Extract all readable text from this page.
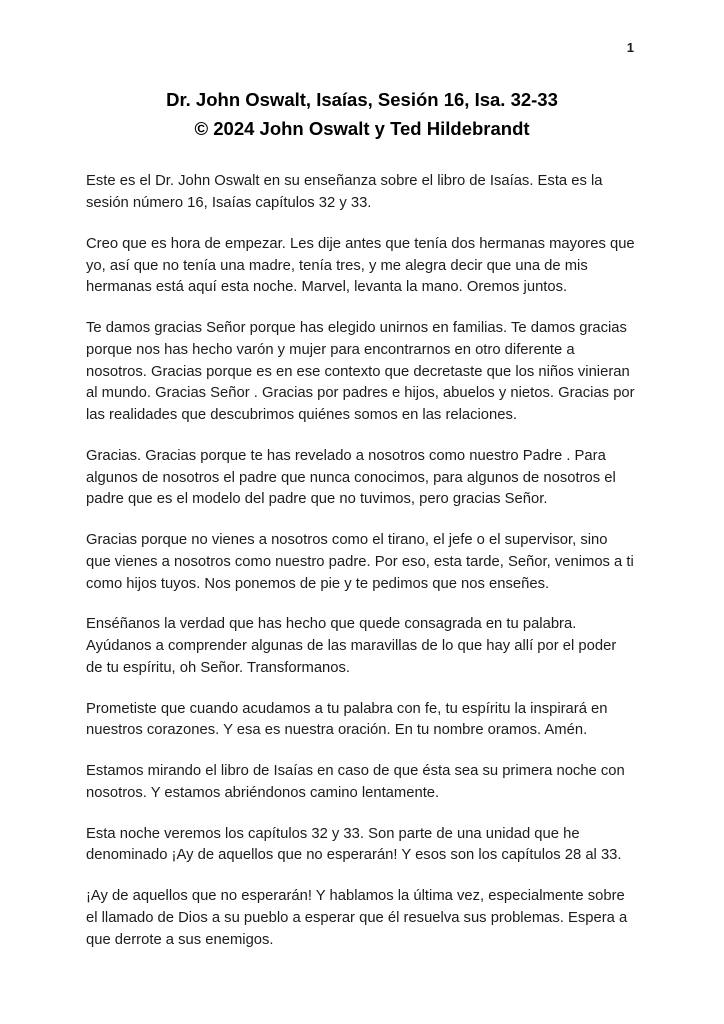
1
Dr. John Oswalt, Isaías, Sesión 16, Isa. 32-33
© 2024 John Oswalt y Ted Hildebrandt

Este es el Dr. John Oswalt en su enseñanza sobre el libro de Isaías. Esta es la sesión número 16, Isaías capítulos 32 y 33.

Creo que es hora de empezar. Les dije antes que tenía dos hermanas mayores que yo, así que no tenía una madre, tenía tres, y me alegra decir que una de mis hermanas está aquí esta noche. Marvel, levanta la mano. Oremos juntos.

Te damos gracias Señor porque has elegido unirnos en familias. Te damos gracias porque nos has hecho varón y mujer para encontrarnos en otro diferente a nosotros. Gracias porque es en ese contexto que decretaste que los niños vinieran al mundo. Gracias Señor . Gracias por padres e hijos, abuelos y nietos. Gracias por las realidades que descubrimos quiénes somos en las relaciones.

Gracias. Gracias porque te has revelado a nosotros como nuestro Padre . Para algunos de nosotros el padre que nunca conocimos, para algunos de nosotros el padre que es el modelo del padre que no tuvimos, pero gracias Señor.

Gracias porque no vienes a nosotros como el tirano, el jefe o el supervisor, sino que vienes a nosotros como nuestro padre. Por eso, esta tarde, Señor, venimos a ti como hijos tuyos. Nos ponemos de pie y te pedimos que nos enseñes.

Enséñanos la verdad que has hecho que quede consagrada en tu palabra. Ayúdanos a comprender algunas de las maravillas de lo que hay allí por el poder de tu espíritu, oh Señor. Transformanos.

Prometiste que cuando acudamos a tu palabra con fe, tu espíritu la inspirará en nuestros corazones. Y esa es nuestra oración. En tu nombre oramos. Amén.

Estamos mirando el libro de Isaías en caso de que ésta sea su primera noche con nosotros. Y estamos abriéndonos camino lentamente.

Esta noche veremos los capítulos 32 y 33. Son parte de una unidad que he denominado ¡Ay de aquellos que no esperarán! Y esos son los capítulos 28 al 33.

¡Ay de aquellos que no esperarán! Y hablamos la última vez, especialmente sobre el llamado de Dios a su pueblo a esperar que él resuelva sus problemas. Espera a que derrote a sus enemigos.
